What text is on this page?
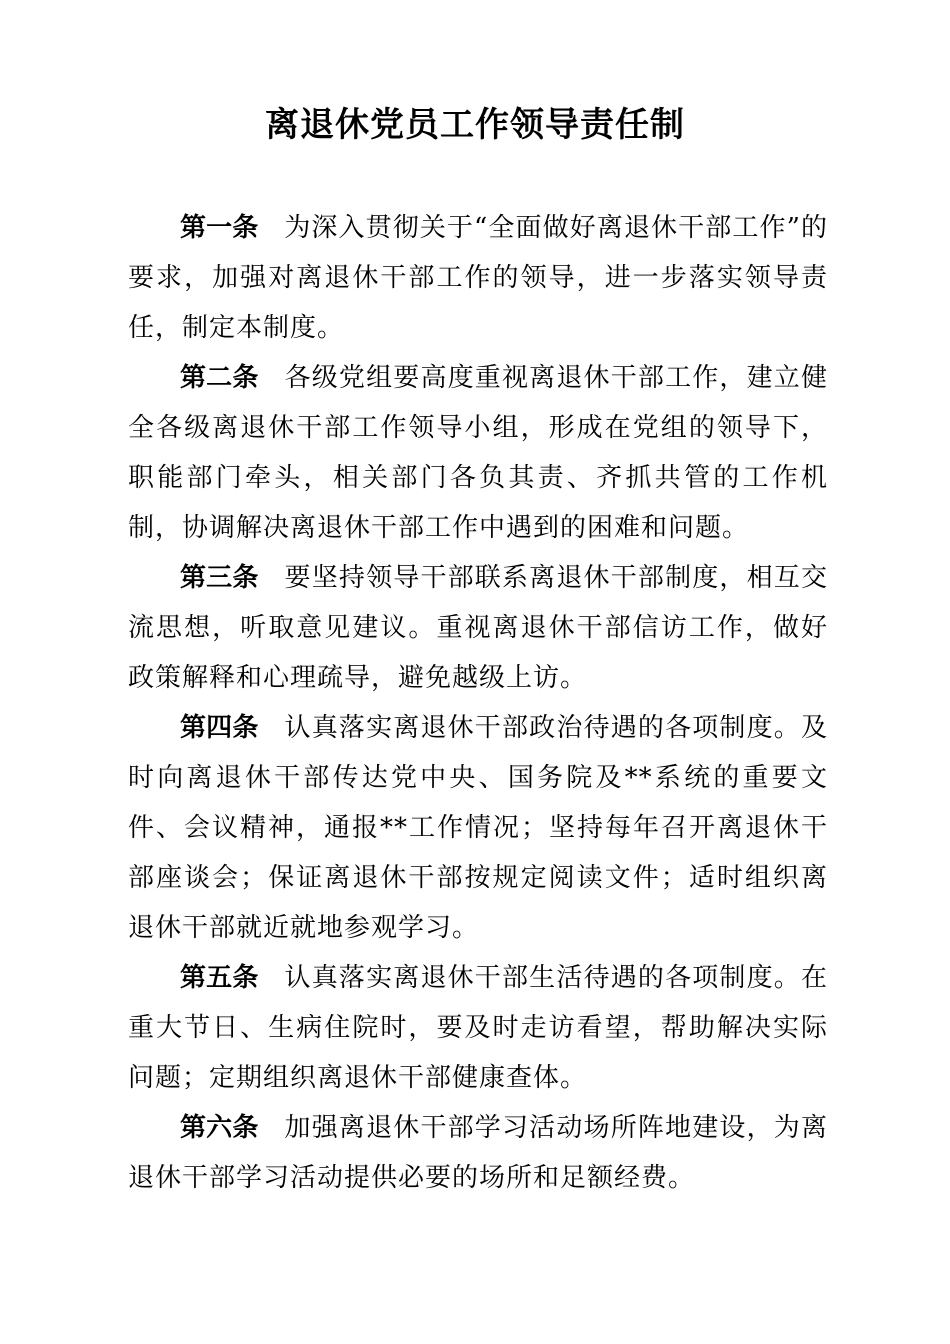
离退休党员工作领导责任制

第一条 为深入贯彻关于“全面做好离退休干部工作”的要求，加强对离退休干部工作的领导，进一步落实领导责任，制定本制度。

第二条 各级党组要高度重视离退休干部工作，建立健全各级离退休干部工作领导小组，形成在党组的领导下，职能部门牵头，相关部门各负其责、齐抓共管的工作机制，协调解决离退休干部工作中遇到的困难和问题。

第三条 要坚持领导干部联系离退休干部制度，相互交流思想，听取意见建议。重视离退休干部信访工作，做好政策解释和心理疏导，避免越级上访。

第四条 认真落实离退休干部政治待遇的各项制度。及时向离退休干部传达党中央、国务院及**系统的重要文件、会议精神，通报**工作情况；坚持每年召开离退休干部座谈会；保证离退休干部按规定阅读文件；适时组织离退休干部就近就地参观学习。

第五条 认真落实离退休干部生活待遇的各项制度。在重大节日、生病住院时，要及时走访看望，帮助解决实际问题；定期组织离退休干部健康查体。

第六条 加强离退休干部学习活动场所阵地建设，为离退休干部学习活动提供必要的场所和足额经费。
